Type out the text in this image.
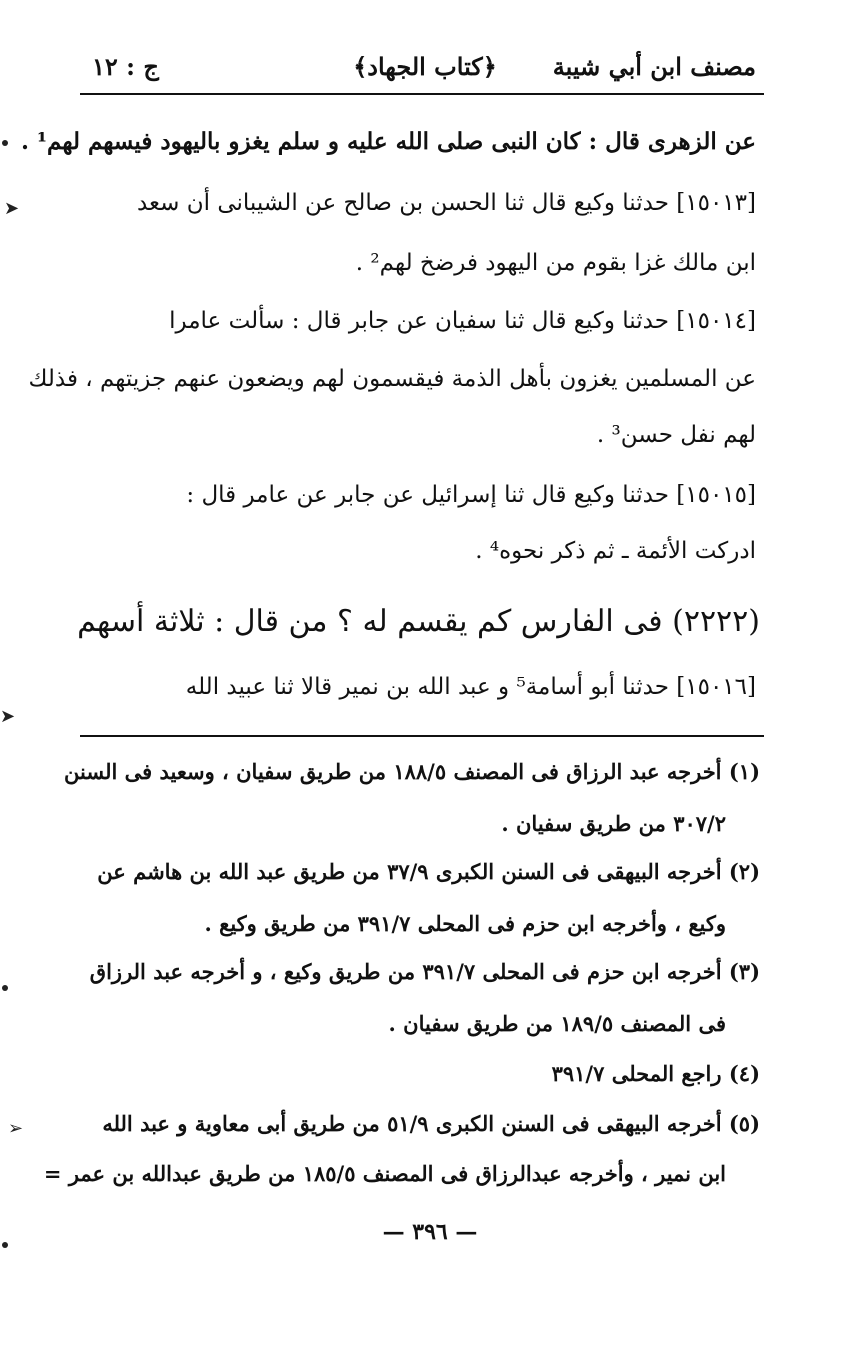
مصنف ابن أبي شيبة
﴿كتاب الجهاد﴾
ج : ١٢
عن الزهرى قال : كان النبى صلى الله عليه و سلم يغزو باليهود فيسهم لهم¹ .
[١٥٠١٣] حدثنا وكيع قال ثنا الحسن بن صالح عن الشيبانى أن سعد
ابن مالك غزا بقوم من اليهود فرضخ لهم² .
[١٥٠١٤] حدثنا وكيع قال ثنا سفيان عن جابر قال : سألت عامرا
عن المسلمين يغزون بأهل الذمة فيقسمون لهم ويضعون عنهم جزيتهم ، فذلك
لهم نفل حسن³ .
[١٥٠١٥] حدثنا وكيع قال ثنا إسرائيل عن جابر عن عامر قال :
ادركت الأئمة ـ ثم ذكر نحوه⁴ .
(٢٢٢٢) فى الفارس كم يقسم له ؟ من قال : ثلاثة أسهم
[١٥٠١٦] حدثنا أبو أسامة⁵ و عبد الله بن نمير قالا ثنا عبيد الله
(١) أخرجه عبد الرزاق فى المصنف ١٨٨/٥ من طريق سفيان ، وسعيد فى السنن
٣٠٧/٢ من طريق سفيان .
(٢) أخرجه البيهقى فى السنن الكبرى ٣٧/٩ من طريق عبد الله بن هاشم عن
وكيع ، وأخرجه ابن حزم فى المحلى ٣٩١/٧ من طريق وكيع .
(٣) أخرجه ابن حزم فى المحلى ٣٩١/٧ من طريق وكيع ، و أخرجه عبد الرزاق
فى المصنف ١٨٩/٥ من طريق سفيان .
(٤) راجع المحلى ٣٩١/٧
(٥) أخرجه البيهقى فى السنن الكبرى ٥١/٩ من طريق أبى معاوية و عبد الله
ابن نمير ، وأخرجه عبدالرزاق فى المصنف ١٨٥/٥ من طريق عبدالله بن عمر =
— ٣٩٦ —
➤
➤
➢
